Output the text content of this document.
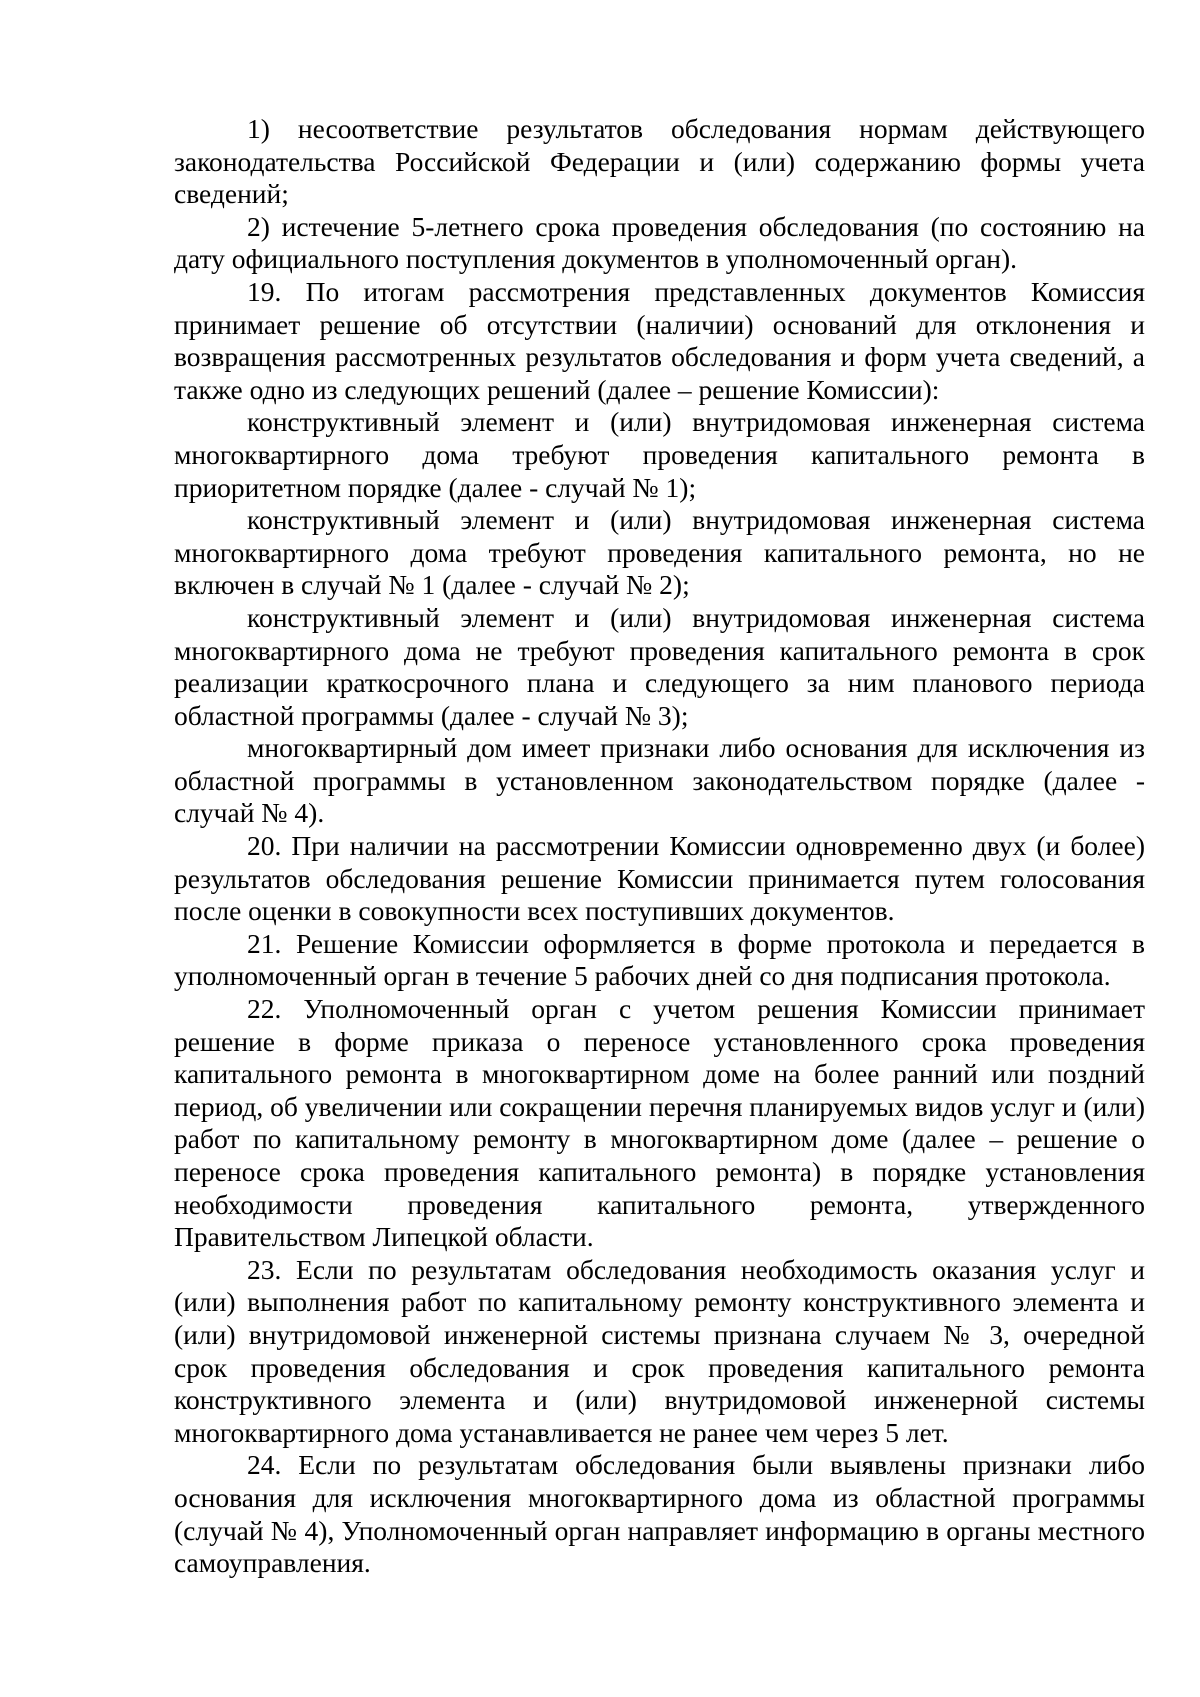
1) несоответствие результатов обследования нормам действующего законодательства Российской Федерации и (или) содержанию формы учета сведений;

2) истечение 5-летнего срока проведения обследования (по состоянию на дату официального поступления документов в уполномоченный орган).

19. По итогам рассмотрения представленных документов Комиссия принимает решение об отсутствии (наличии) оснований для отклонения и возвращения рассмотренных результатов обследования и форм учета сведений, а также одно из следующих решений (далее – решение Комиссии):

конструктивный элемент и (или) внутридомовая инженерная система многоквартирного дома требуют проведения капитального ремонта в приоритетном порядке (далее - случай № 1);

конструктивный элемент и (или) внутридомовая инженерная система многоквартирного дома требуют проведения капитального ремонта, но не включен в случай № 1 (далее - случай № 2);

конструктивный элемент и (или) внутридомовая инженерная система многоквартирного дома не требуют проведения капитального ремонта в срок реализации краткосрочного плана и следующего за ним планового периода областной программы (далее - случай № 3);

многоквартирный дом имеет признаки либо основания для исключения из областной программы в установленном законодательством порядке (далее - случай № 4).

20. При наличии на рассмотрении Комиссии одновременно двух (и более) результатов обследования решение Комиссии принимается путем голосования после оценки в совокупности всех поступивших документов.

21. Решение Комиссии оформляется в форме протокола и передается в уполномоченный орган в течение 5 рабочих дней со дня подписания протокола.

22. Уполномоченный орган с учетом решения Комиссии принимает решение в форме приказа о переносе установленного срока проведения капитального ремонта в многоквартирном доме на более ранний или поздний период, об увеличении или сокращении перечня планируемых видов услуг и (или) работ по капитальному ремонту в многоквартирном доме (далее – решение о переносе срока проведения капитального ремонта) в порядке установления необходимости проведения капитального ремонта, утвержденного Правительством Липецкой области.

23. Если по результатам обследования необходимость оказания услуг и (или) выполнения работ по капитальному ремонту конструктивного элемента и (или) внутридомовой инженерной системы признана случаем № 3, очередной срок проведения обследования и срок проведения капитального ремонта конструктивного элемента и (или) внутридомовой инженерной системы многоквартирного дома устанавливается не ранее чем через 5 лет.

24. Если по результатам обследования были выявлены признаки либо основания для исключения многоквартирного дома из областной программы (случай № 4), Уполномоченный орган направляет информацию в органы местного самоуправления.
